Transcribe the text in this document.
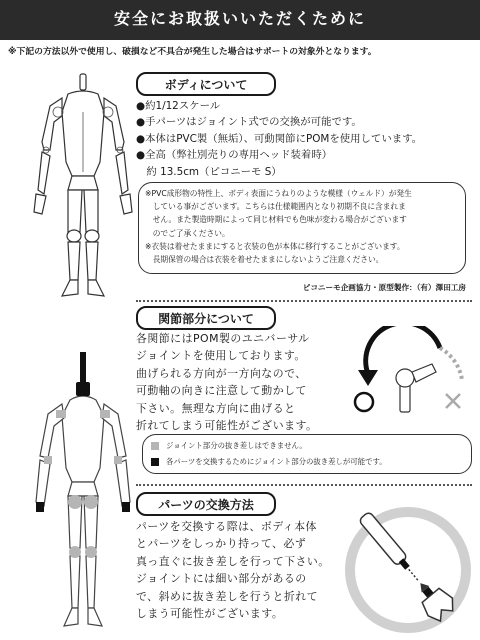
安全にお取扱いいただくために
※下記の方法以外で使用し、破損など不具合が発生した場合はサポートの対象外となります。
ボディについて
●約1/12スケール
●手パーツはジョイント式での交換が可能です。
●本体はPVC製（無垢）、可動関節にPOMを使用しています。
●全高（弊社別売りの専用ヘッド装着時）
　約 13.5cm（ピコニーモ S）
※PVC成形物の特性上、ボディ表面にうねりのような模様（ウェルド）が発生
　している事がございます。こちらは仕様範囲内となり初期不良に含まれま
　せん。また製造時期によって同じ材料でも色味が変わる場合がございます
　のでご了承ください。
※衣装は着せたままにすると衣装の色が本体に移行することがございます。
　長期保管の場合は衣装を着せたままにしないようご注意ください。
ピコニーモ企画協力・原型製作：（有）澤田工房
関節部分について
各関節にはPOM製のユニバーサル
ジョイントを使用しております。
曲げられる方向が一方向なので、
可動軸の向きに注意して動かして
下さい。無理な方向に曲げると
折れてしまう可能性がございます。
ジョイント部分の抜き差しはできません。
各パーツを交換するためにジョイント部分の抜き差しが可能です。
パーツの交換方法
パーツを交換する際は、ボディ本体
とパーツをしっかり持って、必ず
真っ直ぐに抜き差しを行って下さい。
ジョイントには細い部分があるの
で、斜めに抜き差しを行うと折れて
しまう可能性がございます。
